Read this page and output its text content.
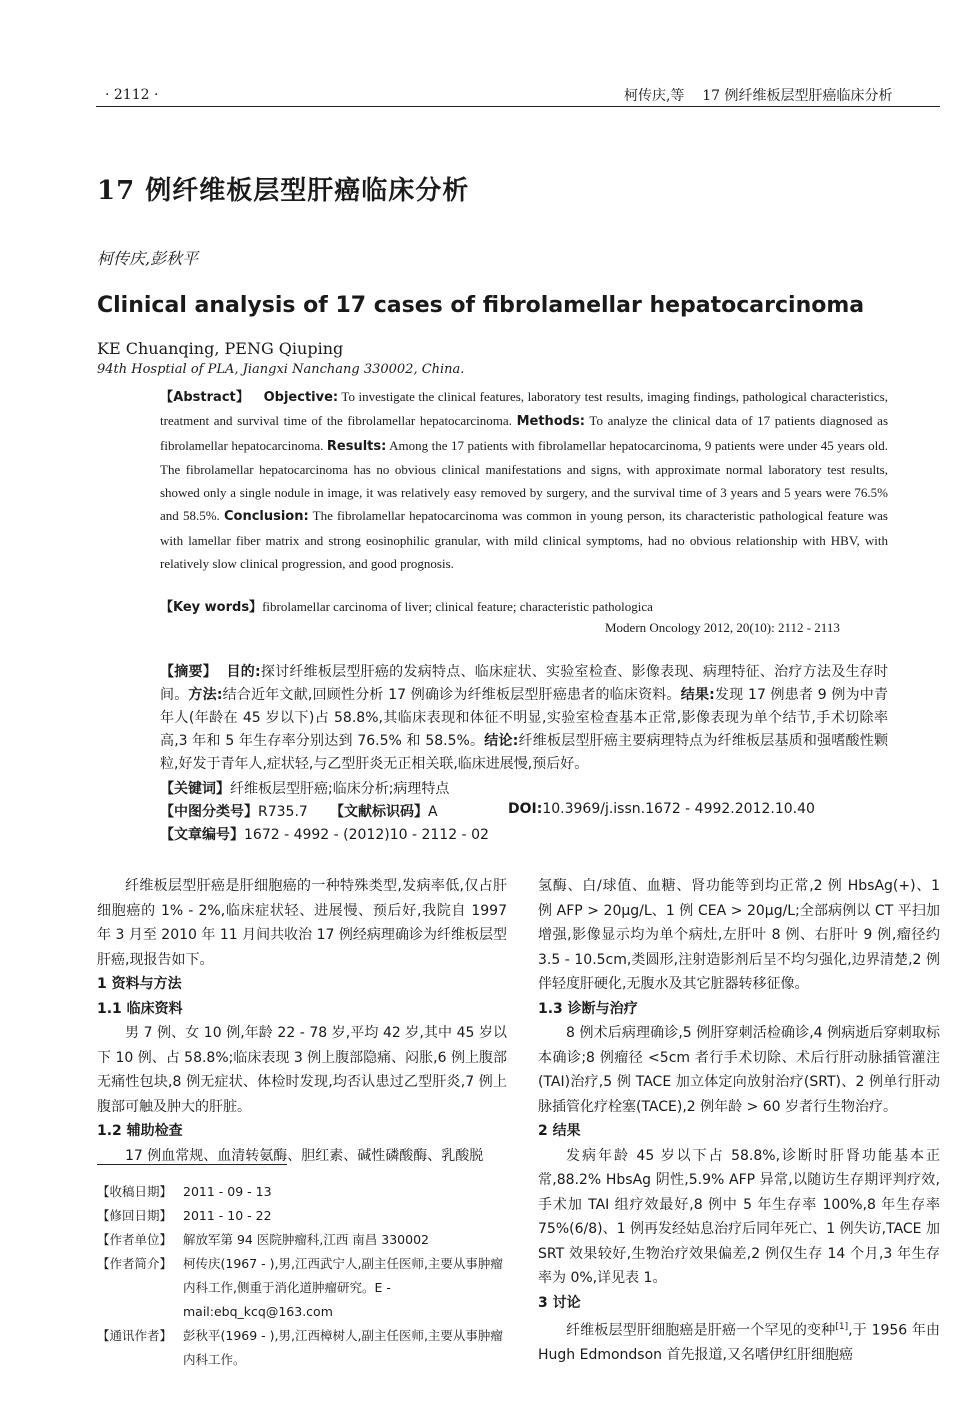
· 2112 ·	柯传庆,等    17 例纤维板层型肝癌临床分析
17 例纤维板层型肝癌临床分析
柯传庆,彭秋平
Clinical analysis of 17 cases of fibrolamellar hepatocarcinoma
KE Chuanqing, PENG Qiuping
94th Hosptial of PLA, Jiangxi Nanchang 330002, China.
【Abstract】 Objective: To investigate the clinical features, laboratory test results, imaging findings, pathological characteristics, treatment and survival time of the fibrolamellar hepatocarcinoma. Methods: To analyze the clinical data of 17 patients diagnosed as fibrolamellar hepatocarcinoma. Results: Among the 17 patients with fibrolamellar hepatocarcinoma, 9 patients were under 45 years old. The fibrolamellar hepatocarcinoma has no obvious clinical manifestations and signs, with approximate normal laboratory test results, showed only a single nodule in image, it was relatively easy removed by surgery, and the survival time of 3 years and 5 years were 76.5% and 58.5%. Conclusion: The fibrolamellar hepatocarcinoma was common in young person, its characteristic pathological feature was with lamellar fiber matrix and strong eosinophilic granular, with mild clinical symptoms, had no obvious relationship with HBV, with relatively slow clinical progression, and good prognosis.
【Key words】fibrolamellar carcinoma of liver; clinical feature; characteristic pathologica
Modern Oncology 2012, 20(10): 2112 - 2113
【摘要】 目的:探讨纤维板层型肝癌的发病特点、临床症状、实验室检查、影像表现、病理特征、治疗方法及生存时间。方法:结合近年文献,回顾性分析 17 例确诊为纤维板层型肝癌患者的临床资料。结果:发现 17 例患者 9 例为中青年人(年龄在 45 岁以下)占 58.8%,其临床表现和体征不明显,实验室检查基本正常,影像表现为单个结节,手术切除率高,3 年和 5 年生存率分别达到 76.5% 和 58.5%。结论:纤维板层型肝癌主要病理特点为纤维板层基质和强嗜酸性颗粒,好发于青年人,症状轻,与乙型肝炎无正相关联,临床进展慢,预后好。
【关键词】纤维板层型肝癌;临床分析;病理特点
【中图分类号】R735.7 【文献标识码】A	DOI:10.3969/j.issn.1672 - 4992.2012.10.40
【文章编号】1672 - 4992 - (2012)10 - 2112 - 02

纤维板层型肝癌是肝细胞癌的一种特殊类型,发病率低,仅占肝细胞癌的 1% - 2%,临床症状轻、进展慢、预后好,我院自 1997 年 3 月至 2010 年 11 月间共收治 17 例经病理确诊为纤维板层型肝癌,现报告如下。

1 资料与方法

1.1 临床资料

男 7 例、女 10 例,年龄 22 - 78 岁,平均 42 岁,其中 45 岁以下 10 例、占 58.8%;临床表现 3 例上腹部隐痛、闷胀,6 例上腹部无痛性包块,8 例无症状、体检时发现,均否认患过乙型肝炎,7 例上腹部可触及肿大的肝脏。

1.2 辅助检查

17 例血常规、血清转氨酶、胆红素、碱性磷酸酶、乳酸脱

【收稿日期】 2011 - 09 - 13
【修回日期】 2011 - 10 - 22
【作者单位】 解放军第 94 医院肿瘤科,江西 南昌 330002
【作者简介】 柯传庆(1967 - ),男,江西武宁人,副主任医师,主要从事肿瘤内科工作,侧重于消化道肿瘤研究。E - mail:ebq_kcq@163.com
【通讯作者】 彭秋平(1969 - ),男,江西樟树人,副主任医师,主要从事肿瘤内科工作。

氢酶、白/球值、血糖、肾功能等到均正常,2 例 HbsAg(+)、1 例 AFP > 20μg/L、1 例 CEA > 20μg/L;全部病例以 CT 平扫加增强,影像显示均为单个病灶,左肝叶 8 例、右肝叶 9 例,瘤径约 3.5 - 10.5cm,类圆形,注射造影剂后呈不均匀强化,边界清楚,2 例伴轻度肝硬化,无腹水及其它脏器转移征像。

1.3 诊断与治疗

8 例术后病理确诊,5 例肝穿刺活检确诊,4 例病逝后穿刺取标本确诊;8 例瘤径 <5cm 者行手术切除、术后行肝动脉插管灌注(TAI)治疗,5 例 TACE 加立体定向放射治疗(SRT)、2 例单行肝动脉插管化疗栓塞(TACE),2 例年龄 > 60 岁者行生物治疗。

2 结果

发病年龄 45 岁以下占 58.8%,诊断时肝肾功能基本正常,88.2% HbsAg 阴性,5.9% AFP 异常,以随访生存期评判疗效,手术加 TAI 组疗效最好,8 例中 5 年生存率 100%,8 年生存率 75%(6/8)、1 例再发经姑息治疗后同年死亡、1 例失访,TACE 加 SRT 效果较好,生物治疗效果偏差,2 例仅生存 14 个月,3 年生存率为 0%,详见表 1。

3 讨论

纤维板层型肝细胞癌是肝癌一个罕见的变种[1],于 1956 年由 Hugh Edmondson 首先报道,又名嗜伊红肝细胞癌
